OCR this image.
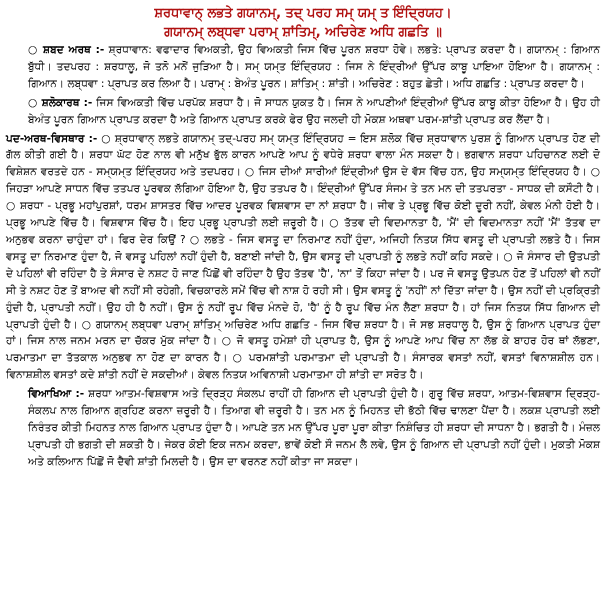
ਸ਼ਰਧਾਵਾਨ੍ ਲਭਤੇ ਗਯਾਨਮ੍, ਤਦ੍ ਪਰਹ ਸਮ੍ ਯਮ੍ ਤ ਇੰਦ੍ਰਿਯਹ।
ਗਯਾਨਮ੍ ਲਬ੍ਧਵਾ ਪਰਾਮ੍ ਸ਼ਾਂਤਿਮ੍, ਅਚਿਰੇਣ ਅਧਿ ਗਛਤਿ ॥

○ ਸ਼ਬਦ ਅਰਥ :- ਸ਼੍ਰਧਾਵਾਨ: ਵਫਾਦਾਰ ਵਿਅਕਤੀ, ਉਹ ਵਿਅਕਤੀ ਜਿਸ ਵਿੱਚ ਪੂਰਨ ਸ਼ਰਧਾ ਹੋਵੇ। ਲਭਤੇ: ਪ੍ਰਾਪਤ ਕਰਦਾ ਹੈ। ਗਯਾਨਮ੍ : ਗਿਆਨ ਬੁੱਧੀ। ਤਦਪਰਹ : ਸ਼ਰਧਾਲੂ, ਜੋ ਤਨੋ ਮਨੋਂ ਜੁੜਿਆ ਹੈ। ਸਮ੍ ਯਮ੍ਤ ਇੰਦ੍ਰਿਯਹ : ਜਿਸ ਨੇ ਇੰਦ੍ਰੀਆਂ ਉੱਪਰ ਕਾਬੂ ਪਾਇਆ ਹੋਇਆ ਹੈ। ਗਯਾਨਮ੍ : ਗਿਆਨ। ਲਬ੍ਧਵਾ : ਪ੍ਰਾਪਤ ਕਰ ਲਿਆ ਹੈ। ਪਰਾਮ੍ : ਬੇਅੰਤ ਪੂਰਨ। ਸ਼ਾਂਤਿਮ੍ : ਸ਼ਾਂਤੀ। ਅਚਿਰੇਣ : ਬਹੁਤ ਛੇਤੀ। ਅਧਿ ਗਛਤਿ : ਪ੍ਰਾਪਤ ਕਰਦਾ ਹੈ।

○ ਸ਼ਲੋਕਾਰਥ :- ਜਿਸ ਵਿਅਕਤੀ ਵਿੱਚ ਪਰਪੱਕ ਸ਼ਰਧਾ ਹੈ। ਜੋ ਸਾਧਨ ਯੁਕਤ ਹੈ। ਜਿਸ ਨੇ ਆਪਣੀਆਂ ਇੰਦ੍ਰੀਆਂ ਉੱਪਰ ਕਾਬੂ ਕੀਤਾ ਹੋਇਆ ਹੈ। ਉਹ ਹੀ ਬੇਅੰਤ ਪੂਰਨ ਗਿਆਨ ਪ੍ਰਾਪਤ ਕਰਦਾ ਹੈ ਅਤੇ ਗਿਆਨ ਪ੍ਰਾਪਤ ਕਰਕੇ ਫੇਰ ਉਹ ਜਲਦੀ ਹੀ ਮੋਕਸ਼ ਅਥਵਾ ਪਰਮ-ਸ਼ਾਂਤੀ ਪ੍ਰਾਪਤ ਕਰ ਲੈਂਦਾ ਹੈ।

ਪਦ-ਅਰਥ-ਵਿਸਥਾਰ :- ○ ਸ਼੍ਰਧਾਵਾਨ੍ ਲਭਤੇ ਗਯਾਨਮ੍ ਤਦ੍-ਪਰਹ ਸਮ੍ ਯਮ੍ਤ ਇੰਦ੍ਰਿਯਹ = ਇਸ ਸ਼ਲੋਕ ਵਿੱਚ ਸ਼੍ਰਧਾਵਾਨ ਪੁਰਸ਼ ਨੂੰ ਗਿਆਨ ਪ੍ਰਾਪਤ ਹੋਣ ਦੀ ਗੱਲ ਕੀਤੀ ਗਈ ਹੈ। ਸ਼ਰਧਾ ਘੱਟ ਹੋਣ ਨਾਲ ਵੀ ਮਨੁੱਖ ਭੁੱਲ ਕਾਰਨ ਆਪਣੇ ਆਪ ਨੂੰ ਵਧੇਰੇ ਸ਼ਰਧਾ ਵਾਲਾ ਮੰਨ ਸਕਦਾ ਹੈ। ਭਗਵਾਨ ਸ਼ਰਧਾ ਪਹਿਚਾਨਣ ਲਈ ਦੋ ਵਿਸ਼ੇਸ਼ਨ ਵਰਤਦੇ ਹਨ - ਸਮ੍ਯਮ੍ਤ ਇੰਦ੍ਰਿਯਹ ਅਤੇ ਤਦਪਰਹ। ○ ਜਿਸ ਦੀਆਂ ਸਾਰੀਆਂ ਇੰਦ੍ਰੀਆਂ ਉਸ ਦੇ ਵੱਸ ਵਿੱਚ ਹਨ, ਉਹ ਸਮ੍ਯਮ੍ਤ ਇੰਦ੍ਰਿਯਹ ਹੈ। ○ ਜਿਹੜਾ ਆਪਣੇ ਸਾਧਨ ਵਿੱਚ ਤਤਪਰ ਪੂਰਵਕ ਲੱਗਿਆ ਹੋਇਆ ਹੈ, ਉਹ ਤਤਪਰ ਹੈ। ਇੰਦ੍ਰੀਆਂ ਉੱਪਰ ਸੰਜਮ ਤੇ ਤਨ ਮਨ ਦੀ ਤਤਪਰਤਾ - ਸਾਧਕ ਦੀ ਕਸੌਟੀ ਹੈ। ○ ਸ਼ਰਧਾ - ਪ੍ਰਭੂ ਮਹਾਂਪੁਰਸ਼ਾਂ, ਧਰਮ ਸ਼ਾਸਤਰ ਵਿੱਚ ਆਦਰ ਪੂਰਵਕ ਵਿਸ਼ਵਾਸ ਦਾ ਨਾਂ ਸ਼ਰਧਾ ਹੈ। ਜੀਵ ਤੇ ਪ੍ਰਭੂ ਵਿੱਚ ਕੋਈ ਦੂਰੀ ਨਹੀਂ, ਕੇਵਲ ਮੰਨੀ ਹੋਈ ਹੈ। ਪ੍ਰਭੂ ਆਪਣੇ ਵਿੱਚ ਹੈ। ਵਿਸ਼ਵਾਸ ਵਿੱਚ ਹੈ। ਇਹ ਪ੍ਰਭੂ ਪ੍ਰਾਪਤੀ ਲਈ ਜ਼ਰੂਰੀ ਹੈ। ○ ਤੱਤਵ ਦੀ ਵਿਦਮਾਨਤਾ ਹੈ, 'ਮੈਂ' ਦੀ ਵਿਦਮਾਨਤਾ ਨਹੀਂ 'ਮੈਂ' ਤੱਤਵ ਦਾ ਅਨੁਭਵ ਕਰਨਾ ਚਾਹੁੰਦਾ ਹਾਂ। ਫਿਰ ਦੇਰ ਕਿਉਂ ? ○ ਲਭਤੇ - ਜਿਸ ਵਸਤੂ ਦਾ ਨਿਰਮਾਣ ਨਹੀਂ ਹੁੰਦਾ, ਅਜਿਹੀ ਨਿਤਯ ਸਿੱਧ ਵਸਤੂ ਦੀ ਪ੍ਰਾਪਤੀ ਲਭਤੇ ਹੈ। ਜਿਸ ਵਸਤੂ ਦਾ ਨਿਰਮਾਣ ਹੁੰਦਾ ਹੈ, ਜੋ ਵਸਤੂ ਪਹਿਲਾਂ ਨਹੀਂ ਹੁੰਦੀ ਹੈ, ਬਣਾਈ ਜਾਂਦੀ ਹੈ, ਉਸ ਵਸਤੂ ਦੀ ਪ੍ਰਾਪਤੀ ਨੂੰ ਲਭਤੇ ਨਹੀਂ ਕਹਿ ਸਕਦੇ। ○ ਜੋ ਸੰਸਾਰ ਦੀ ਉਤਪਤੀ ਦੇ ਪਹਿਲਾਂ ਵੀ ਰਹਿੰਦਾ ਹੈ ਤੇ ਸੰਸਾਰ ਦੇ ਨਸ਼ਟ ਹੋ ਜਾਣ ਪਿੱਛੋਂ ਵੀ ਰਹਿੰਦਾ ਹੈ ਉਹ ਤੱਤਵ 'ਹੈ', 'ਨਾ' ਤੋਂ ਕਿਹਾ ਜਾਂਦਾ ਹੈ। ਪਰ ਜੋ ਵਸਤੂ ਉਤਪਨ ਹੋਣ ਤੋਂ ਪਹਿਲਾਂ ਵੀ ਨਹੀਂ ਸੀ ਤੇ ਨਸ਼ਟ ਹੋਣ ਤੋਂ ਬਾਅਦ ਵੀ ਨਹੀਂ ਸੀ ਰਹੇਗੀ, ਵਿਚਕਾਰਲੇ ਸਮੇਂ ਵਿੱਚ ਵੀ ਨਾਸ਼ ਹੋ ਰਹੀ ਸੀ। ਉਸ ਵਸਤੂ ਨੂੰ 'ਨਹੀਂ' ਨਾਂ ਦਿੱਤਾ ਜਾਂਦਾ ਹੈ। ਉਸ ਨਹੀਂ ਦੀ ਪ੍ਰਕ੍ਰਿਤੀ ਹੁੰਦੀ ਹੈ, ਪ੍ਰਾਪਤੀ ਨਹੀਂ। ਉਹ ਹੀ ਹੈ ਨਹੀਂ। ਉਸ ਨੂੰ ਨਹੀਂ ਰੂਪ ਵਿੱਚ ਮੰਨਦੇ ਹੋ, 'ਹੈ' ਨੂੰ ਹੈ ਰੂਪ ਵਿੱਚ ਮੰਨ ਲੈਣਾ ਸ਼ਰਧਾ ਹੈ। ਹਾਂ ਜਿਸ ਨਿਤਯ ਸਿੱਧ ਗਿਆਨ ਦੀ ਪ੍ਰਾਪਤੀ ਹੁੰਦੀ ਹੈ। ○ ਗਯਾਨਮ੍ ਲਬ੍ਧਵਾ ਪਰਾਮ੍ ਸ਼ਾਂਤਿਮ੍ ਅਚਿਰੇਣ ਅਧਿ ਗਛਤਿ - ਜਿਸ ਵਿੱਚ ਸ਼ਰਧਾ ਹੈ। ਜੋ ਸਭ ਸ਼ਰਧਾਲੂ ਹੈ, ਉਸ ਨੂੰ ਗਿਆਨ ਪ੍ਰਾਪਤ ਹੁੰਦਾ ਹਾਂ। ਜਿਸ ਨਾਲ ਜਨਮ ਮਰਨ ਦਾ ਚੱਕਰ ਮੁੱਕ ਜਾਂਦਾ ਹੈ। ○ ਜੋ ਵਸਤੂ ਹਮੇਸ਼ਾਂ ਹੀ ਪ੍ਰਾਪਤ ਹੈ, ਉਸ ਨੂੰ ਆਪਣੇ ਆਪ ਵਿੱਚ ਨਾ ਲੱਭ ਕੇ ਬਾਹਰ ਹੋਰ ਥਾਂ ਲੱਭਣਾ, ਪਰਮਾਤਮਾ ਦਾ ਤੱਤਕਾਲ ਅਨੁਭਵ ਨਾ ਹੋਣ ਦਾ ਕਾਰਨ ਹੈ। ○ ਪਰਮਸ਼ਾਂਤੀ ਪਰਮਾਤਮਾ ਦੀ ਪ੍ਰਾਪਤੀ ਹੈ। ਸੰਸਾਰਕ ਵਸਤਾਂ ਨਹੀਂ, ਵਸਤਾਂ ਵਿਨਾਸ਼ਸ਼ੀਲ ਹਨ। ਵਿਨਾਸ਼ਸ਼ੀਲ ਵਸਤਾਂ ਕਦੇ ਸ਼ਾਂਤੀ ਨਹੀਂ ਦੇ ਸਕਦੀਆਂ। ਕੇਵਲ ਨਿਤਯ ਅਵਿਨਾਸ਼ੀ ਪਰਮਾਤਮਾ ਹੀ ਸ਼ਾਂਤੀ ਦਾ ਸਰੋਤ ਹੈ।

ਵਿਆਖਿਆ :- ਸ਼ਰਧਾ ਆਤਮ-ਵਿਸ਼ਵਾਸ ਅਤੇ ਦ੍ਰਿੜ੍ਹ ਸੰਕਲਪ ਰਾਹੀਂ ਹੀ ਗਿਆਨ ਦੀ ਪ੍ਰਾਪਤੀ ਹੁੰਦੀ ਹੈ। ਗੁਰੂ ਵਿੱਚ ਸ਼ਰਧਾ, ਆਤਮ-ਵਿਸ਼ਵਾਸ ਦ੍ਰਿੜ੍ਹ-ਸੰਕਲਪ ਨਾਲ ਗਿਆਨ ਗ੍ਰਹਿਣ ਕਰਨਾ ਜ਼ਰੂਰੀ ਹੈ। ਤਿਆਗ ਵੀ ਜ਼ਰੂਰੀ ਹੈ। ਤਨ ਮਨ ਨੂੰ ਮਿਹਨਤ ਦੀ ਭੱਠੀ ਵਿੱਚ ਢਾਲਣਾ ਪੈਂਦਾ ਹੈ। ਲਕਸ਼ ਪ੍ਰਾਪਤੀ ਲਈ ਨਿਰੰਤਰ ਕੀਤੀ ਮਿਹਨਤ ਨਾਲ ਗਿਆਨ ਪ੍ਰਾਪਤ ਹੁੰਦਾ ਹੈ। ਆਪਣੇ ਤਨ ਮਨ ਉੱਪਰ ਪੂਰਾ ਪੂਰਾ ਕੀਤਾ ਨਿਸ਼ੰਚਿਤ ਹੀ ਸ਼ਰਧਾ ਦੀ ਸਾਧਨਾ ਹੈ। ਭਗਤੀ ਹੈ। ਮੰਜ਼ਲ ਪ੍ਰਾਪਤੀ ਹੀ ਭਗਤੀ ਦੀ ਸ਼ਕਤੀ ਹੈ। ਜੇਕਰ ਕੋਈ ਇਕ ਜਨਮ ਕਰਦਾ, ਭਾਵੇਂ ਕੋਈ ਸੌ ਜਨਮ ਲੈ ਲਵੇ, ਉਸ ਨੂੰ ਗਿਆਨ ਦੀ ਪ੍ਰਾਪਤੀ ਨਹੀਂ ਹੁੰਦੀ। ਮੁਕਤੀ ਮੋਕਸ਼ ਅਤੇ ਕਲਿਆਨ ਪਿੱਛੋਂ ਜੋ ਦੈਵੀ ਸ਼ਾਂਤੀ ਮਿਲਦੀ ਹੈ। ਉਸ ਦਾ ਵਰਨਣ ਨਹੀਂ ਕੀਤਾ ਜਾ ਸਕਦਾ।
